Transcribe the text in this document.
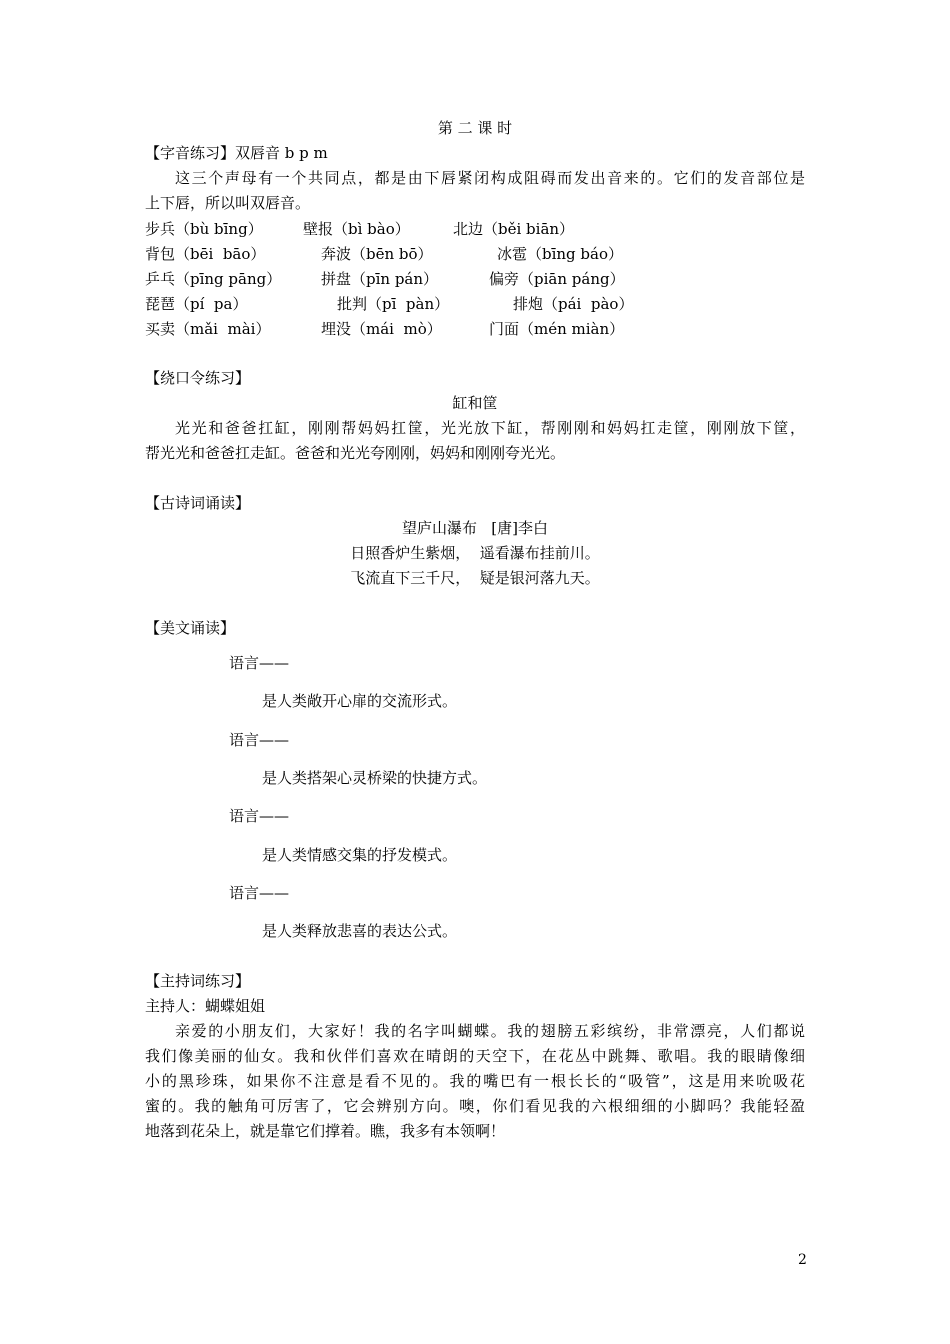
第 二 课 时
【字音练习】双唇音 b p m
这三个声母有一个共同点，都是由下唇紧闭构成阻碍而发出音来的。它们的发音部位是
上下唇，所以叫双唇音。
步兵（bù bīng）	壁报（bì bào）	北边（běi biān）
背包（bēi  bāo）	奔波（bēn bō）	冰雹（bīng báo）
乒乓（pīng pāng）	拼盘（pīn pán）	偏旁（piān páng）
琵琶（pí  pa）	批判（pī  pàn）	排炮（pái  pào）
买卖（mǎi  mài）	埋没（mái  mò）	门面（mén miàn）
【绕口令练习】
缸和筐
光光和爸爸扛缸，刚刚帮妈妈扛筐，光光放下缸，帮刚刚和妈妈扛走筐，刚刚放下筐，
帮光光和爸爸扛走缸。爸爸和光光夸刚刚，妈妈和刚刚夸光光。
【古诗词诵读】
望庐山瀑布   [唐]李白
日照香炉生紫烟，  遥看瀑布挂前川。
飞流直下三千尺，  疑是银河落九天。
【美文诵读】
语言——
是人类敞开心扉的交流形式。
语言——
是人类搭架心灵桥梁的快捷方式。
语言——
是人类情感交集的抒发模式。
语言——
是人类释放悲喜的表达公式。
【主持词练习】
主持人：蝴蝶姐姐
亲爱的小朋友们，大家好！我的名字叫蝴蝶。我的翅膀五彩缤纷，非常漂亮，人们都说
我们像美丽的仙女。我和伙伴们喜欢在晴朗的天空下，在花丛中跳舞、歌唱。我的眼睛像细
小的黑珍珠，如果你不注意是看不见的。我的嘴巴有一根长长的“吸管”，这是用来吮吸花
蜜的。我的触角可厉害了，它会辨别方向。噢，你们看见我的六根细细的小脚吗？我能轻盈
地落到花朵上，就是靠它们撑着。瞧，我多有本领啊！
2
